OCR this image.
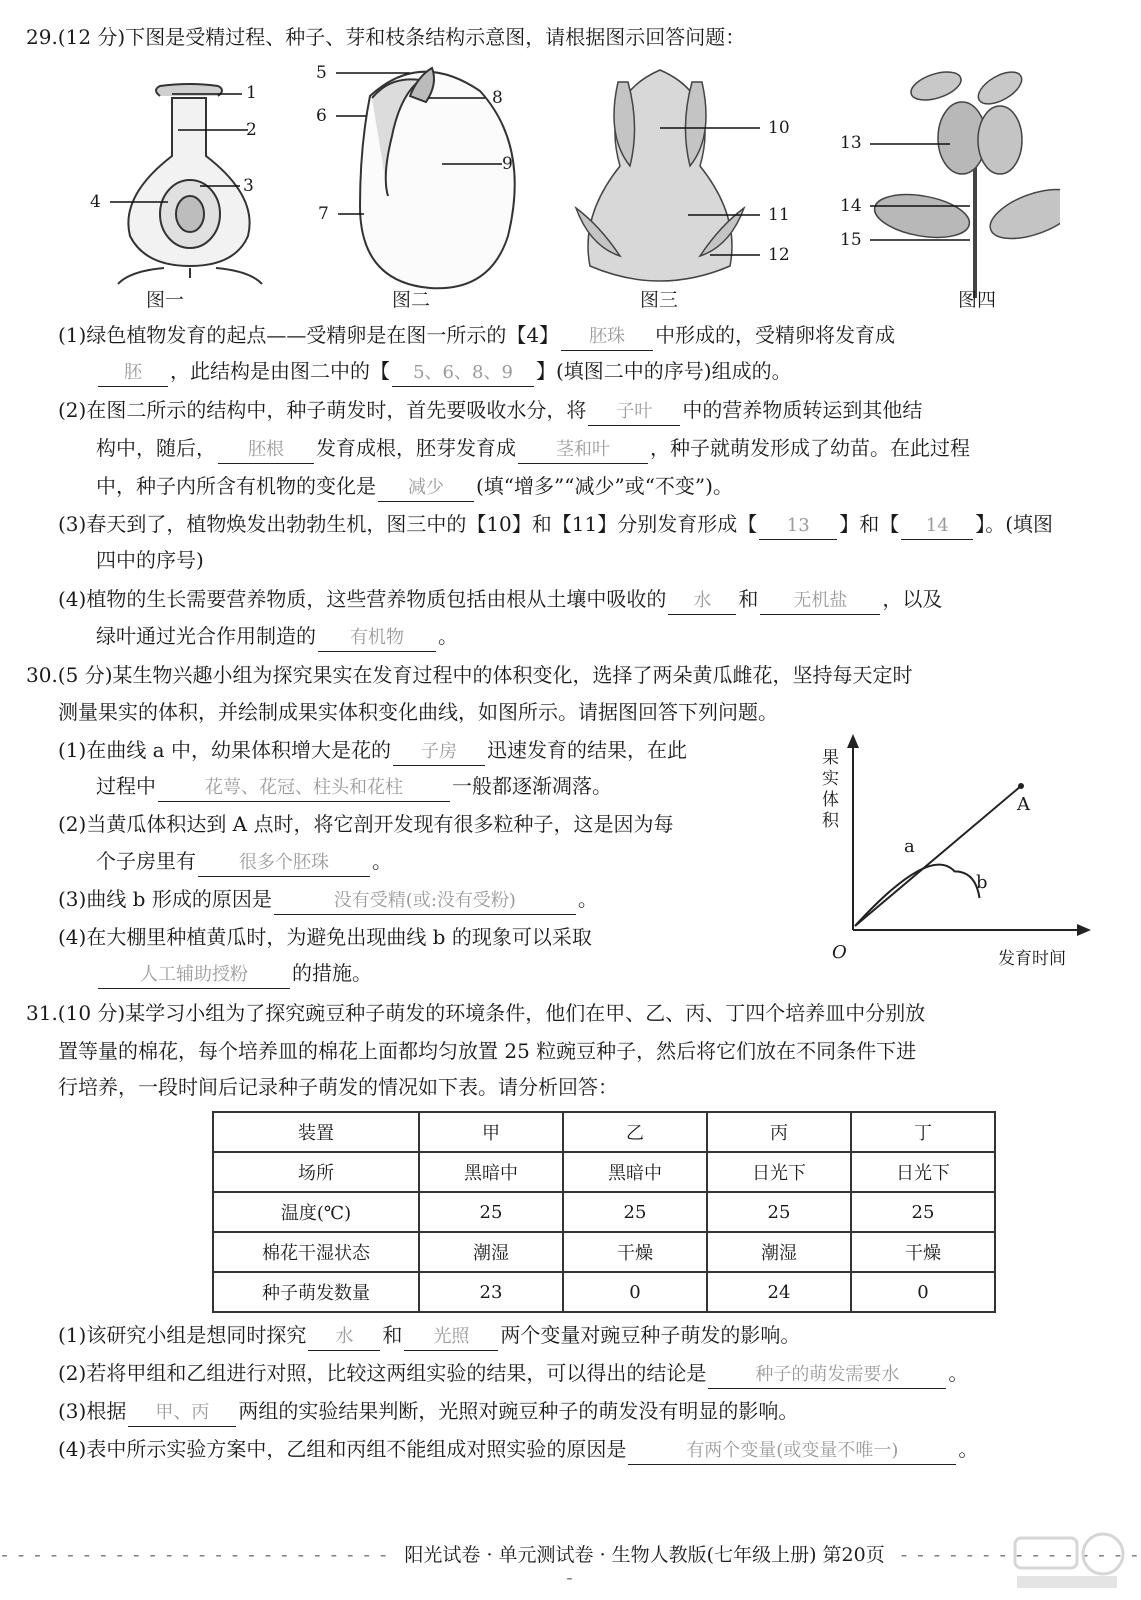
29.(12 分)下图是受精过程、种子、芽和枝条结构示意图，请根据图示回答问题：
1
2
3
4
5
6
7
8
9
10
11
12
13
14
15
图一	图二	图三	图四
(1)绿色植物发育的起点——受精卵是在图一所示的【4】 胚珠 中形成的，受精卵将发育成
胚 ，此结构是由图二中的【 5、6、8、9 】(填图二中的序号)组成的。
(2)在图二所示的结构中，种子萌发时，首先要吸收水分，将 子叶 中的营养物质转运到其他结
构中，随后， 胚根 发育成根，胚芽发育成 茎和叶 ，种子就萌发形成了幼苗。在此过程
中，种子内所含有机物的变化是 减少 (填“增多”“减少”或“不变”)。
(3)春天到了，植物焕发出勃勃生机，图三中的【10】和【11】分别发育形成【 13 】和【 14 】。(填图
四中的序号)
(4)植物的生长需要营养物质，这些营养物质包括由根从土壤中吸收的 水 和 无机盐 ，以及
绿叶通过光合作用制造的 有机物 。
30.(5 分)某生物兴趣小组为探究果实在发育过程中的体积变化，选择了两朵黄瓜雌花，坚持每天定时
测量果实的体积，并绘制成果实体积变化曲线，如图所示。请据图回答下列问题。
(1)在曲线 a 中，幼果体积增大是花的 子房 迅速发育的结果，在此
过程中	花萼、花冠、柱头和花柱 一般都逐渐凋落。
(2)当黄瓜体积达到 A 点时，将它剖开发现有很多粒种子，这是因为每
个子房里有 很多个胚珠 。
(3)曲线 b 形成的原因是	没有受精(或:没有受粉)	。
(4)在大棚里种植黄瓜时，为避免出现曲线 b 的现象可以采取
人工辅助授粉 的措施。
果实体积
O	发育时间
A
a
b
31.(10 分)某学习小组为了探究豌豆种子萌发的环境条件，他们在甲、乙、丙、丁四个培养皿中分别放
置等量的棉花，每个培养皿的棉花上面都均匀放置 25 粒豌豆种子，然后将它们放在不同条件下进
行培养，一段时间后记录种子萌发的情况如下表。请分析回答：
装置	甲	乙	丙	丁
场所	黑暗中	黑暗中	日光下	日光下
温度(℃)	25	25	25	25
棉花干湿状态	潮湿	干燥	潮湿	干燥
种子萌发数量	23	0	24	0
(1)该研究小组是想同时探究 水 和 光照 两个变量对豌豆种子萌发的影响。
(2)若将甲组和乙组进行对照，比较这两组实验的结果，可以得出的结论是	种子的萌发需要水 。
(3)根据 甲、丙 两组的实验结果判断，光照对豌豆种子的萌发没有明显的影响。
(4)表中所示实验方案中，乙组和丙组不能组成对照实验的原因是	有两个变量(或变量不唯一)	。
- - - - - - - - - - - - - - - - - - - - - - - - 阳光试卷 · 单元测试卷 · 生物人教版(七年级上册) 第20页 - - - - - - - - - - - - - - - -
